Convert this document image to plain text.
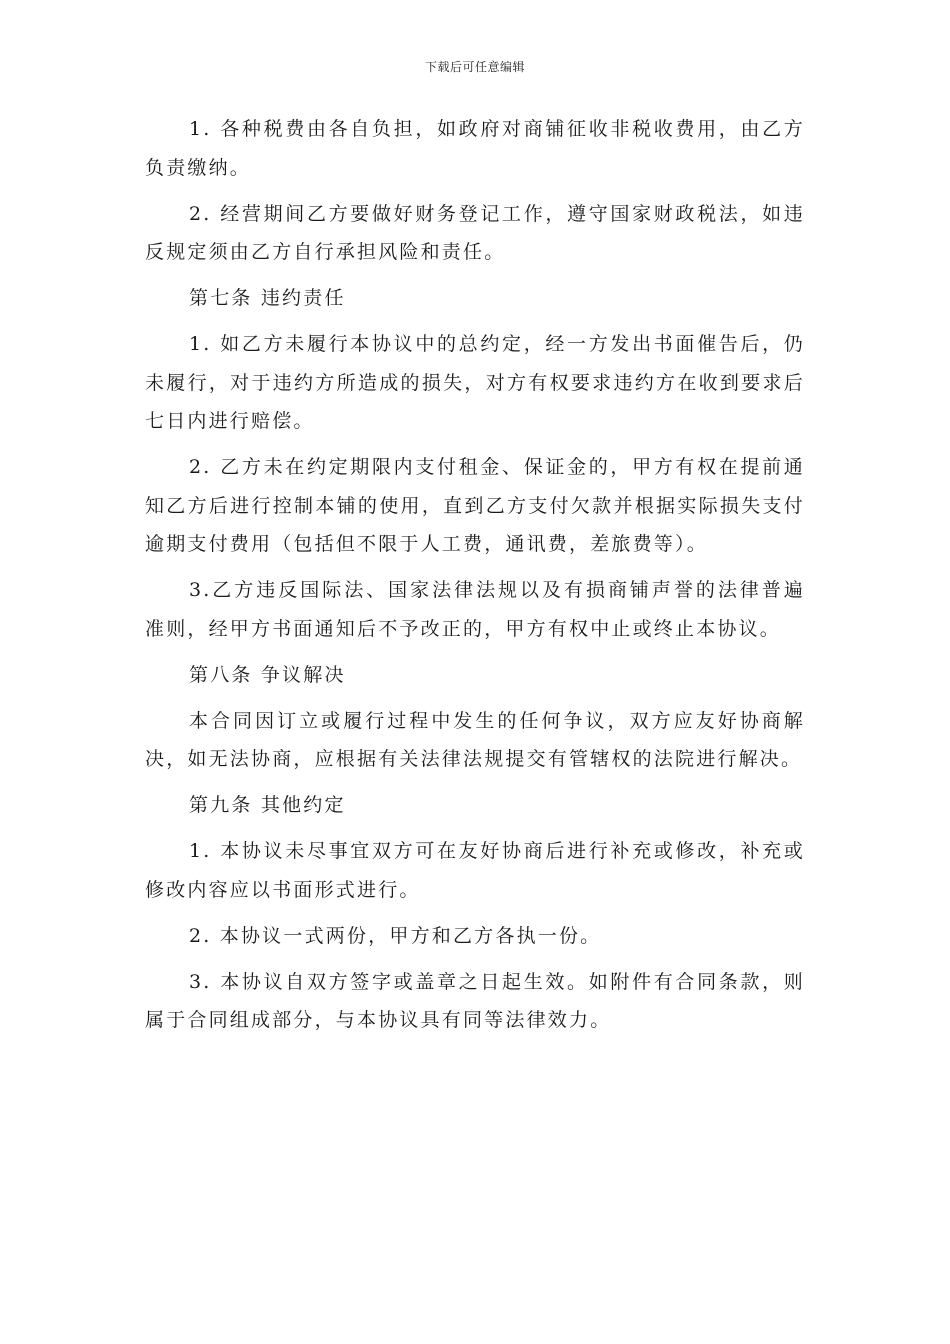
下载后可任意编辑

1. 各种税费由各自负担，如政府对商铺征收非税收费用，由乙方负责缴纳。

2. 经营期间乙方要做好财务登记工作，遵守国家财政税法，如违反规定须由乙方自行承担风险和责任。

第七条 违约责任

1. 如乙方未履行本协议中的总约定，经一方发出书面催告后，仍未履行，对于违约方所造成的损失，对方有权要求违约方在收到要求后七日内进行赔偿。

2. 乙方未在约定期限内支付租金、保证金的，甲方有权在提前通知乙方后进行控制本铺的使用，直到乙方支付欠款并根据实际损失支付逾期支付费用（包括但不限于人工费，通讯费，差旅费等）。

3.乙方违反国际法、国家法律法规以及有损商铺声誉的法律普遍准则，经甲方书面通知后不予改正的，甲方有权中止或终止本协议。

第八条 争议解决

本合同因订立或履行过程中发生的任何争议，双方应友好协商解决，如无法协商，应根据有关法律法规提交有管辖权的法院进行解决。

第九条 其他约定

1. 本协议未尽事宜双方可在友好协商后进行补充或修改，补充或修改内容应以书面形式进行。

2. 本协议一式两份，甲方和乙方各执一份。

3. 本协议自双方签字或盖章之日起生效。如附件有合同条款，则属于合同组成部分，与本协议具有同等法律效力。
